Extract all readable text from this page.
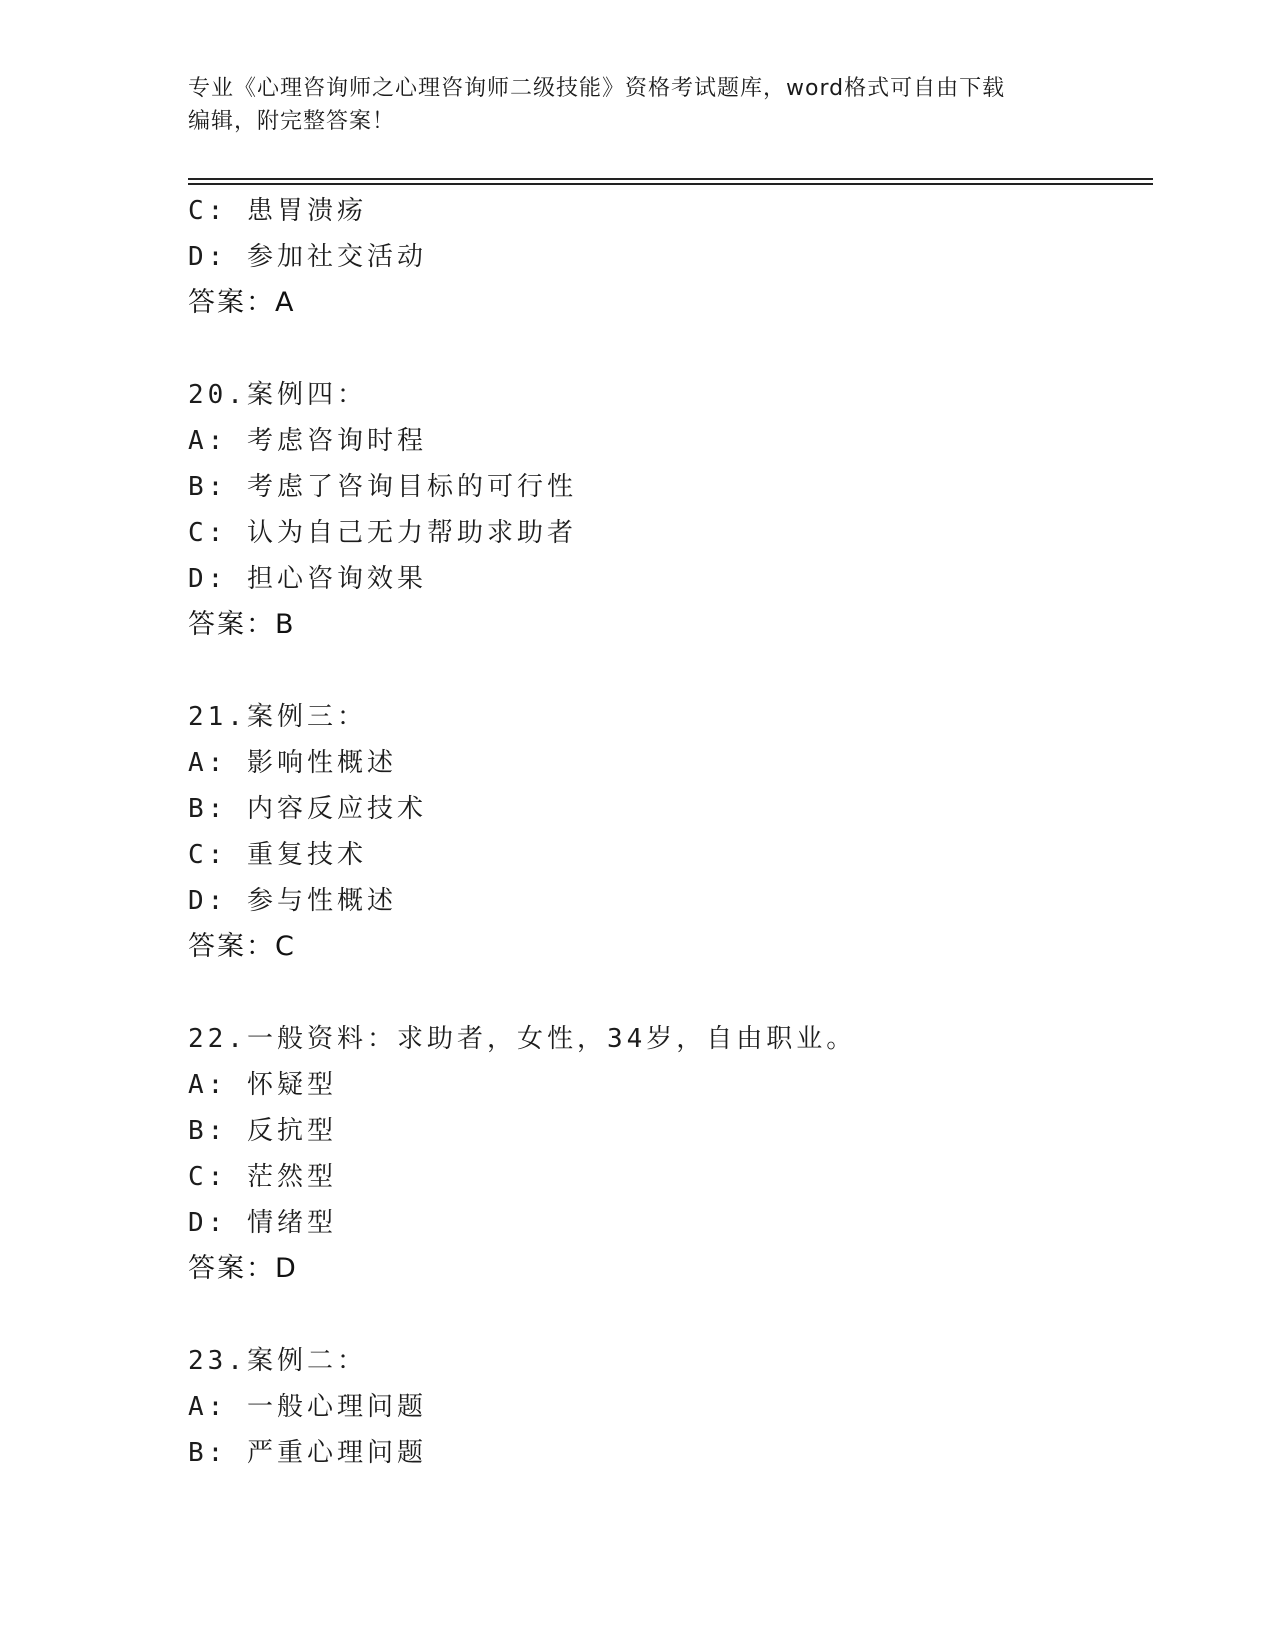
专业《心理咨询师之心理咨询师二级技能》资格考试题库，word格式可自由下载
编辑，附完整答案！
C: 患胃溃疡
D: 参加社交活动
答案：A
20.案例四：
A: 考虑咨询时程
B: 考虑了咨询目标的可行性
C: 认为自己无力帮助求助者
D: 担心咨询效果
答案：B
21.案例三：
A: 影响性概述
B: 内容反应技术
C: 重复技术
D: 参与性概述
答案：C
22.一般资料：求助者，女性，34岁，自由职业。
A: 怀疑型
B: 反抗型
C: 茫然型
D: 情绪型
答案：D
23.案例二：
A: 一般心理问题
B: 严重心理问题
